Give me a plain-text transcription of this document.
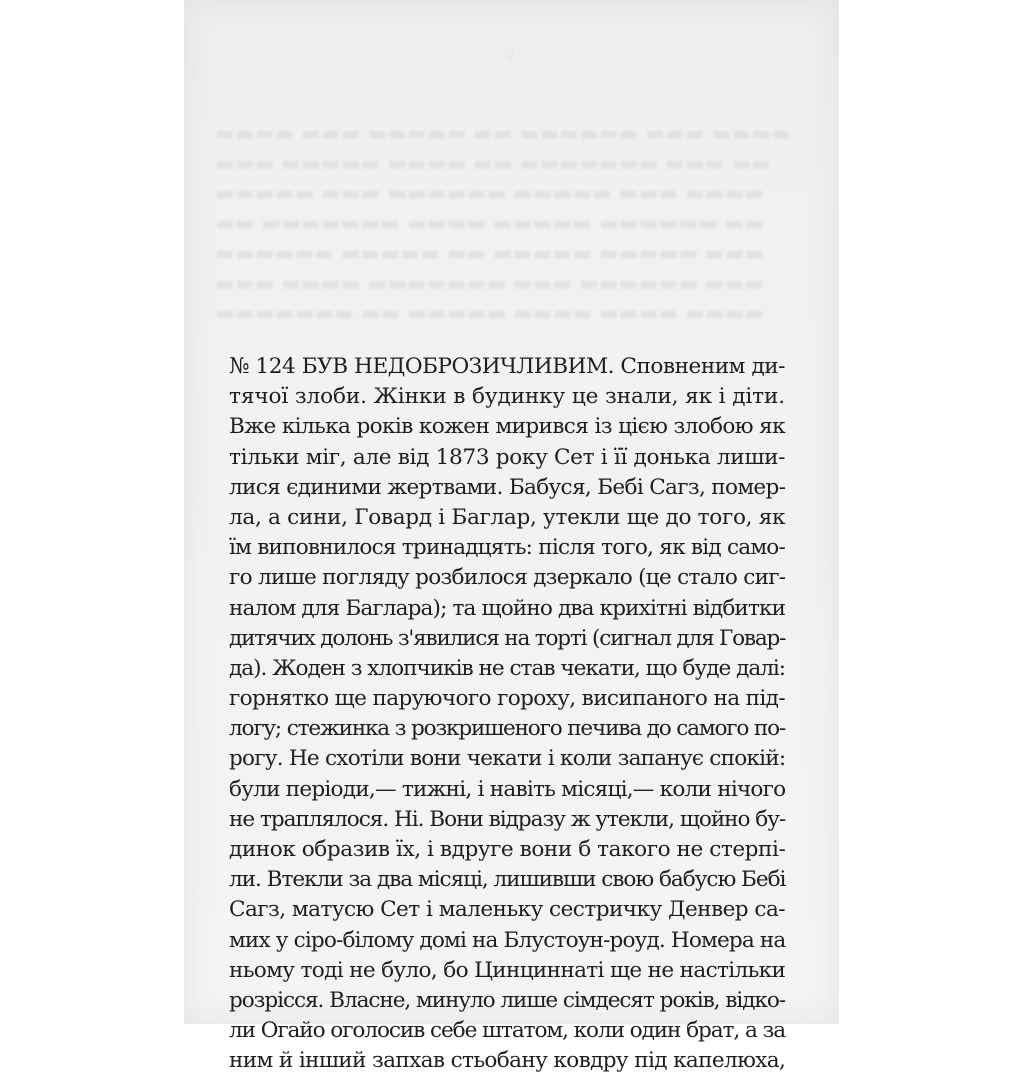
·2·
▬▬▬▬ ▬▬▬ ▬▬▬▬▬ ▬▬ ▬▬▬▬▬▬ ▬▬▬ ▬▬▬▬
▬▬▬ ▬▬▬▬▬ ▬▬▬▬ ▬▬ ▬▬▬▬▬▬▬ ▬▬▬ ▬▬
▬▬▬▬▬ ▬▬▬ ▬▬▬▬▬▬ ▬▬▬▬▬ ▬▬▬ ▬▬▬▬
▬▬ ▬▬▬▬▬▬▬ ▬▬▬▬ ▬▬▬▬▬ ▬▬▬▬▬▬ ▬▬
▬▬▬▬▬▬ ▬▬▬▬▬ ▬▬ ▬▬▬▬▬ ▬▬▬▬▬ ▬▬▬
▬▬▬ ▬▬▬▬ ▬▬▬▬▬▬▬ ▬▬▬ ▬▬▬▬▬▬ ▬▬▬
▬▬▬▬▬▬▬ ▬▬ ▬▬▬▬▬ ▬▬▬▬ ▬▬▬▬ ▬▬▬▬
№ 124 БУВ НЕДОБРОЗИЧЛИВИМ. Сповненим ди-
тячої злоби. Жінки в будинку це знали, як і діти.
Вже кілька років кожен мирився із цією злобою як
тільки міг, але від 1873 року Сет і її донька лиши-
лися єдиними жертвами. Бабуся, Бебі Сагз, помер-
ла, а сини, Говард і Баглар, утекли ще до того, як
їм виповнилося тринадцять: після того, як від само-
го лише погляду розбилося дзеркало (це стало сиг-
налом для Баглара); та щойно два крихітні відбитки
дитячих долонь з'явилися на торті (сигнал для Говар-
да). Жоден з хлопчиків не став чекати, що буде далі:
горнятко ще паруючого гороху, висипаного на під-
логу; стежинка з розкришеного печива до самого по-
рогу. Не схотіли вони чекати і коли запанує спокій:
були періоди,— тижні, і навіть місяці,— коли нічого
не траплялося. Ні. Вони відразу ж утекли, щойно бу-
динок образив їх, і вдруге вони б такого не стерпі-
ли. Втекли за два місяці, лишивши свою бабусю Бебі
Сагз, матусю Сет і маленьку сестричку Денвер са-
мих у сіро-білому домі на Блустоун-роуд. Номера на
ньому тоді не було, бо Цинциннаті ще не настільки
розрісся. Власне, минуло лише сімдесят років, відко-
ли Огайо оголосив себе штатом, коли один брат, а за
ним й інший запхав стьобану ковдру під капелюха,
